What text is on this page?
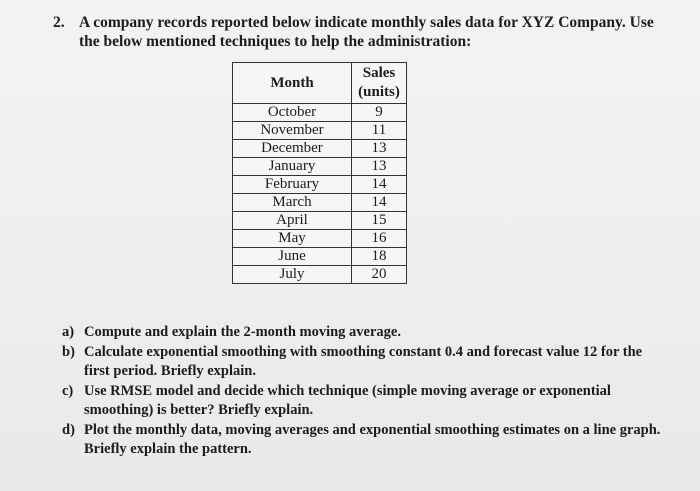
2. A company records reported below indicate monthly sales data for XYZ Company. Use the below mentioned techniques to help the administration:
Month	Sales
(units)
October	9
November	11
December	13
January	13
February	14
March	14
April	15
May	16
June	18
July	20
a) Compute and explain the 2-month moving average.
b) Calculate exponential smoothing with smoothing constant 0.4 and forecast value 12 for the first period. Briefly explain.
c) Use RMSE model and decide which technique (simple moving average or exponential smoothing) is better? Briefly explain.
d) Plot the monthly data, moving averages and exponential smoothing estimates on a line graph. Briefly explain the pattern.
